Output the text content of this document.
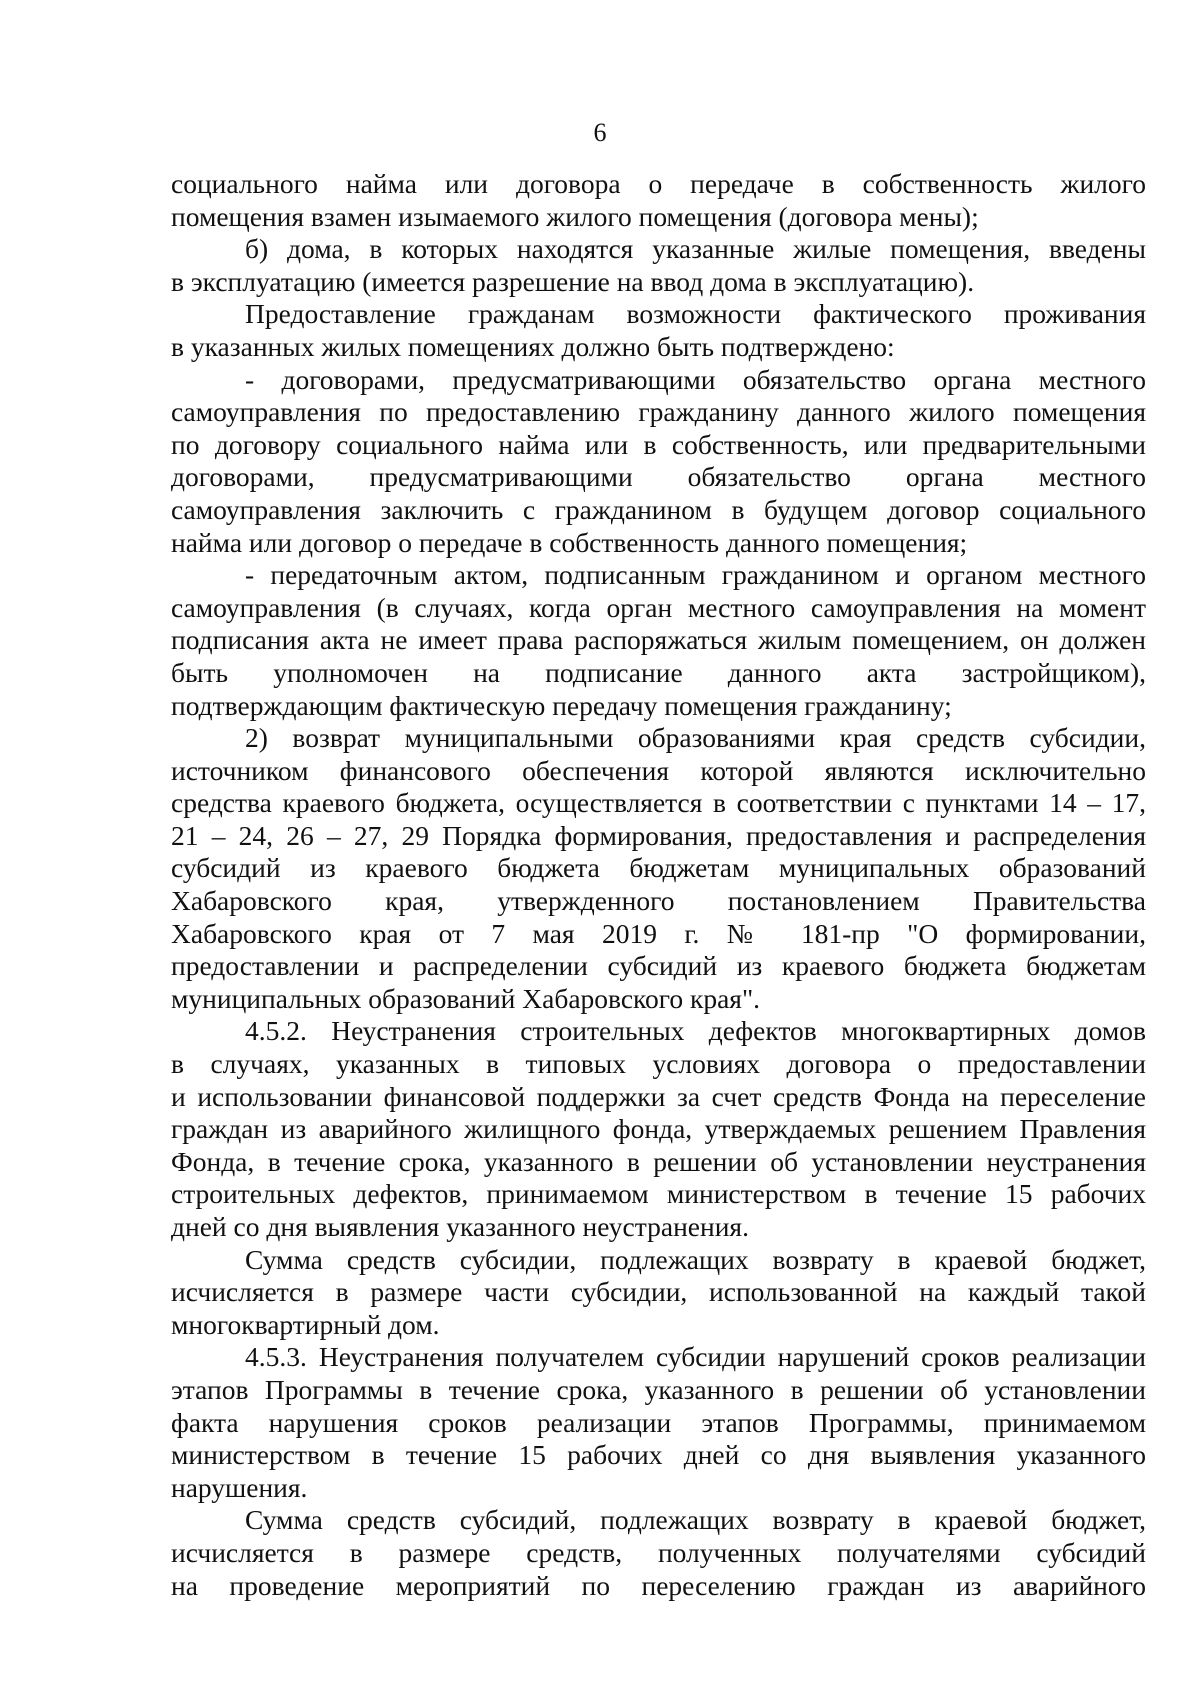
6
социального найма или договора о передаче в собственность жилого
помещения взамен изымаемого жилого помещения (договора мены);
б) дома, в которых находятся указанные жилые помещения, введены
в эксплуатацию (имеется разрешение на ввод дома в эксплуатацию).
Предоставление гражданам возможности фактического проживания
в указанных жилых помещениях должно быть подтверждено:
- договорами, предусматривающими обязательство органа местного
самоуправления по предоставлению гражданину данного жилого помещения
по договору социального найма или в собственность, или предварительными
договорами, предусматривающими обязательство органа местного
самоуправления заключить с гражданином в будущем договор социального
найма или договор о передаче в собственность данного помещения;
- передаточным актом, подписанным гражданином и органом местного
самоуправления (в случаях, когда орган местного самоуправления на момент
подписания акта не имеет права распоряжаться жилым помещением, он должен
быть уполномочен на подписание данного акта застройщиком),
подтверждающим фактическую передачу помещения гражданину;
2) возврат муниципальными образованиями края средств субсидии,
источником финансового обеспечения которой являются исключительно
средства краевого бюджета, осуществляется в соответствии с пунктами 14 – 17,
21 – 24, 26 – 27, 29 Порядка формирования, предоставления и распределения
субсидий из краевого бюджета бюджетам муниципальных образований
Хабаровского края, утвержденного постановлением Правительства
Хабаровского края от 7 мая 2019 г. № 181-пр "О формировании,
предоставлении и распределении субсидий из краевого бюджета бюджетам
муниципальных образований Хабаровского края".
4.5.2. Неустранения строительных дефектов многоквартирных домов
в случаях, указанных в типовых условиях договора о предоставлении
и использовании финансовой поддержки за счет средств Фонда на переселение
граждан из аварийного жилищного фонда, утверждаемых решением Правления
Фонда, в течение срока, указанного в решении об установлении неустранения
строительных дефектов, принимаемом министерством в течение 15 рабочих
дней со дня выявления указанного неустранения.
Сумма средств субсидии, подлежащих возврату в краевой бюджет,
исчисляется в размере части субсидии, использованной на каждый такой
многоквартирный дом.
4.5.3. Неустранения получателем субсидии нарушений сроков реализации
этапов Программы в течение срока, указанного в решении об установлении
факта нарушения сроков реализации этапов Программы, принимаемом
министерством в течение 15 рабочих дней со дня выявления указанного
нарушения.
Сумма средств субсидий, подлежащих возврату в краевой бюджет,
исчисляется в размере средств, полученных получателями субсидий
на проведение мероприятий по переселению граждан из аварийного
